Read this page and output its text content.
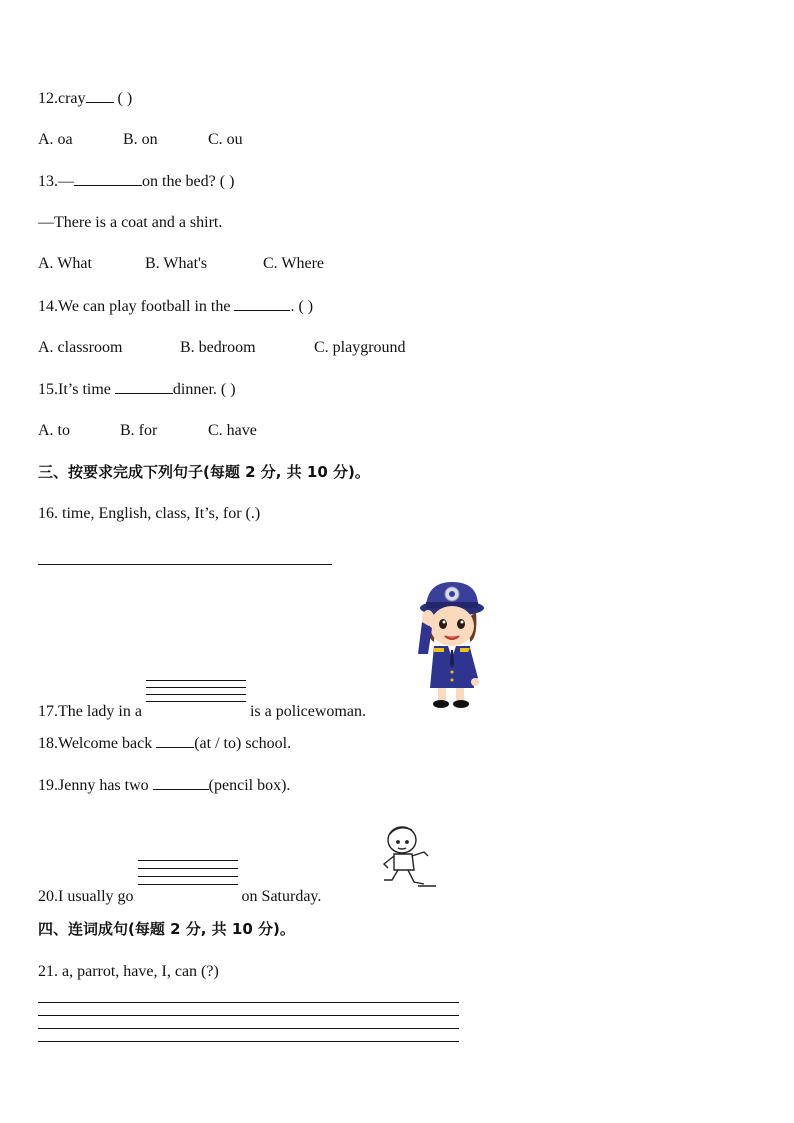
12.cray ( )
A. oa	B. on	C. ou
13.—	on the bed? ( )
—There is a coat and a shirt.
A. What	B. What's	C. Where
14.We can play football in the	. ( )
A. classroom	B. bedroom	C. playground
15.It’s time	dinner. ( )
A. to	B. for	C. have
三、按要求完成下列句子(每题 2 分, 共 10 分)。
16. time, English, class, It’s, for (.)
17.The lady in a	is a policewoman.
18.Welcome back	(at / to) school.
19.Jenny has two	(pencil box).
20.I usually go	on Saturday.
四、连词成句(每题 2 分, 共 10 分)。
21. a, parrot, have, I, can (?)
